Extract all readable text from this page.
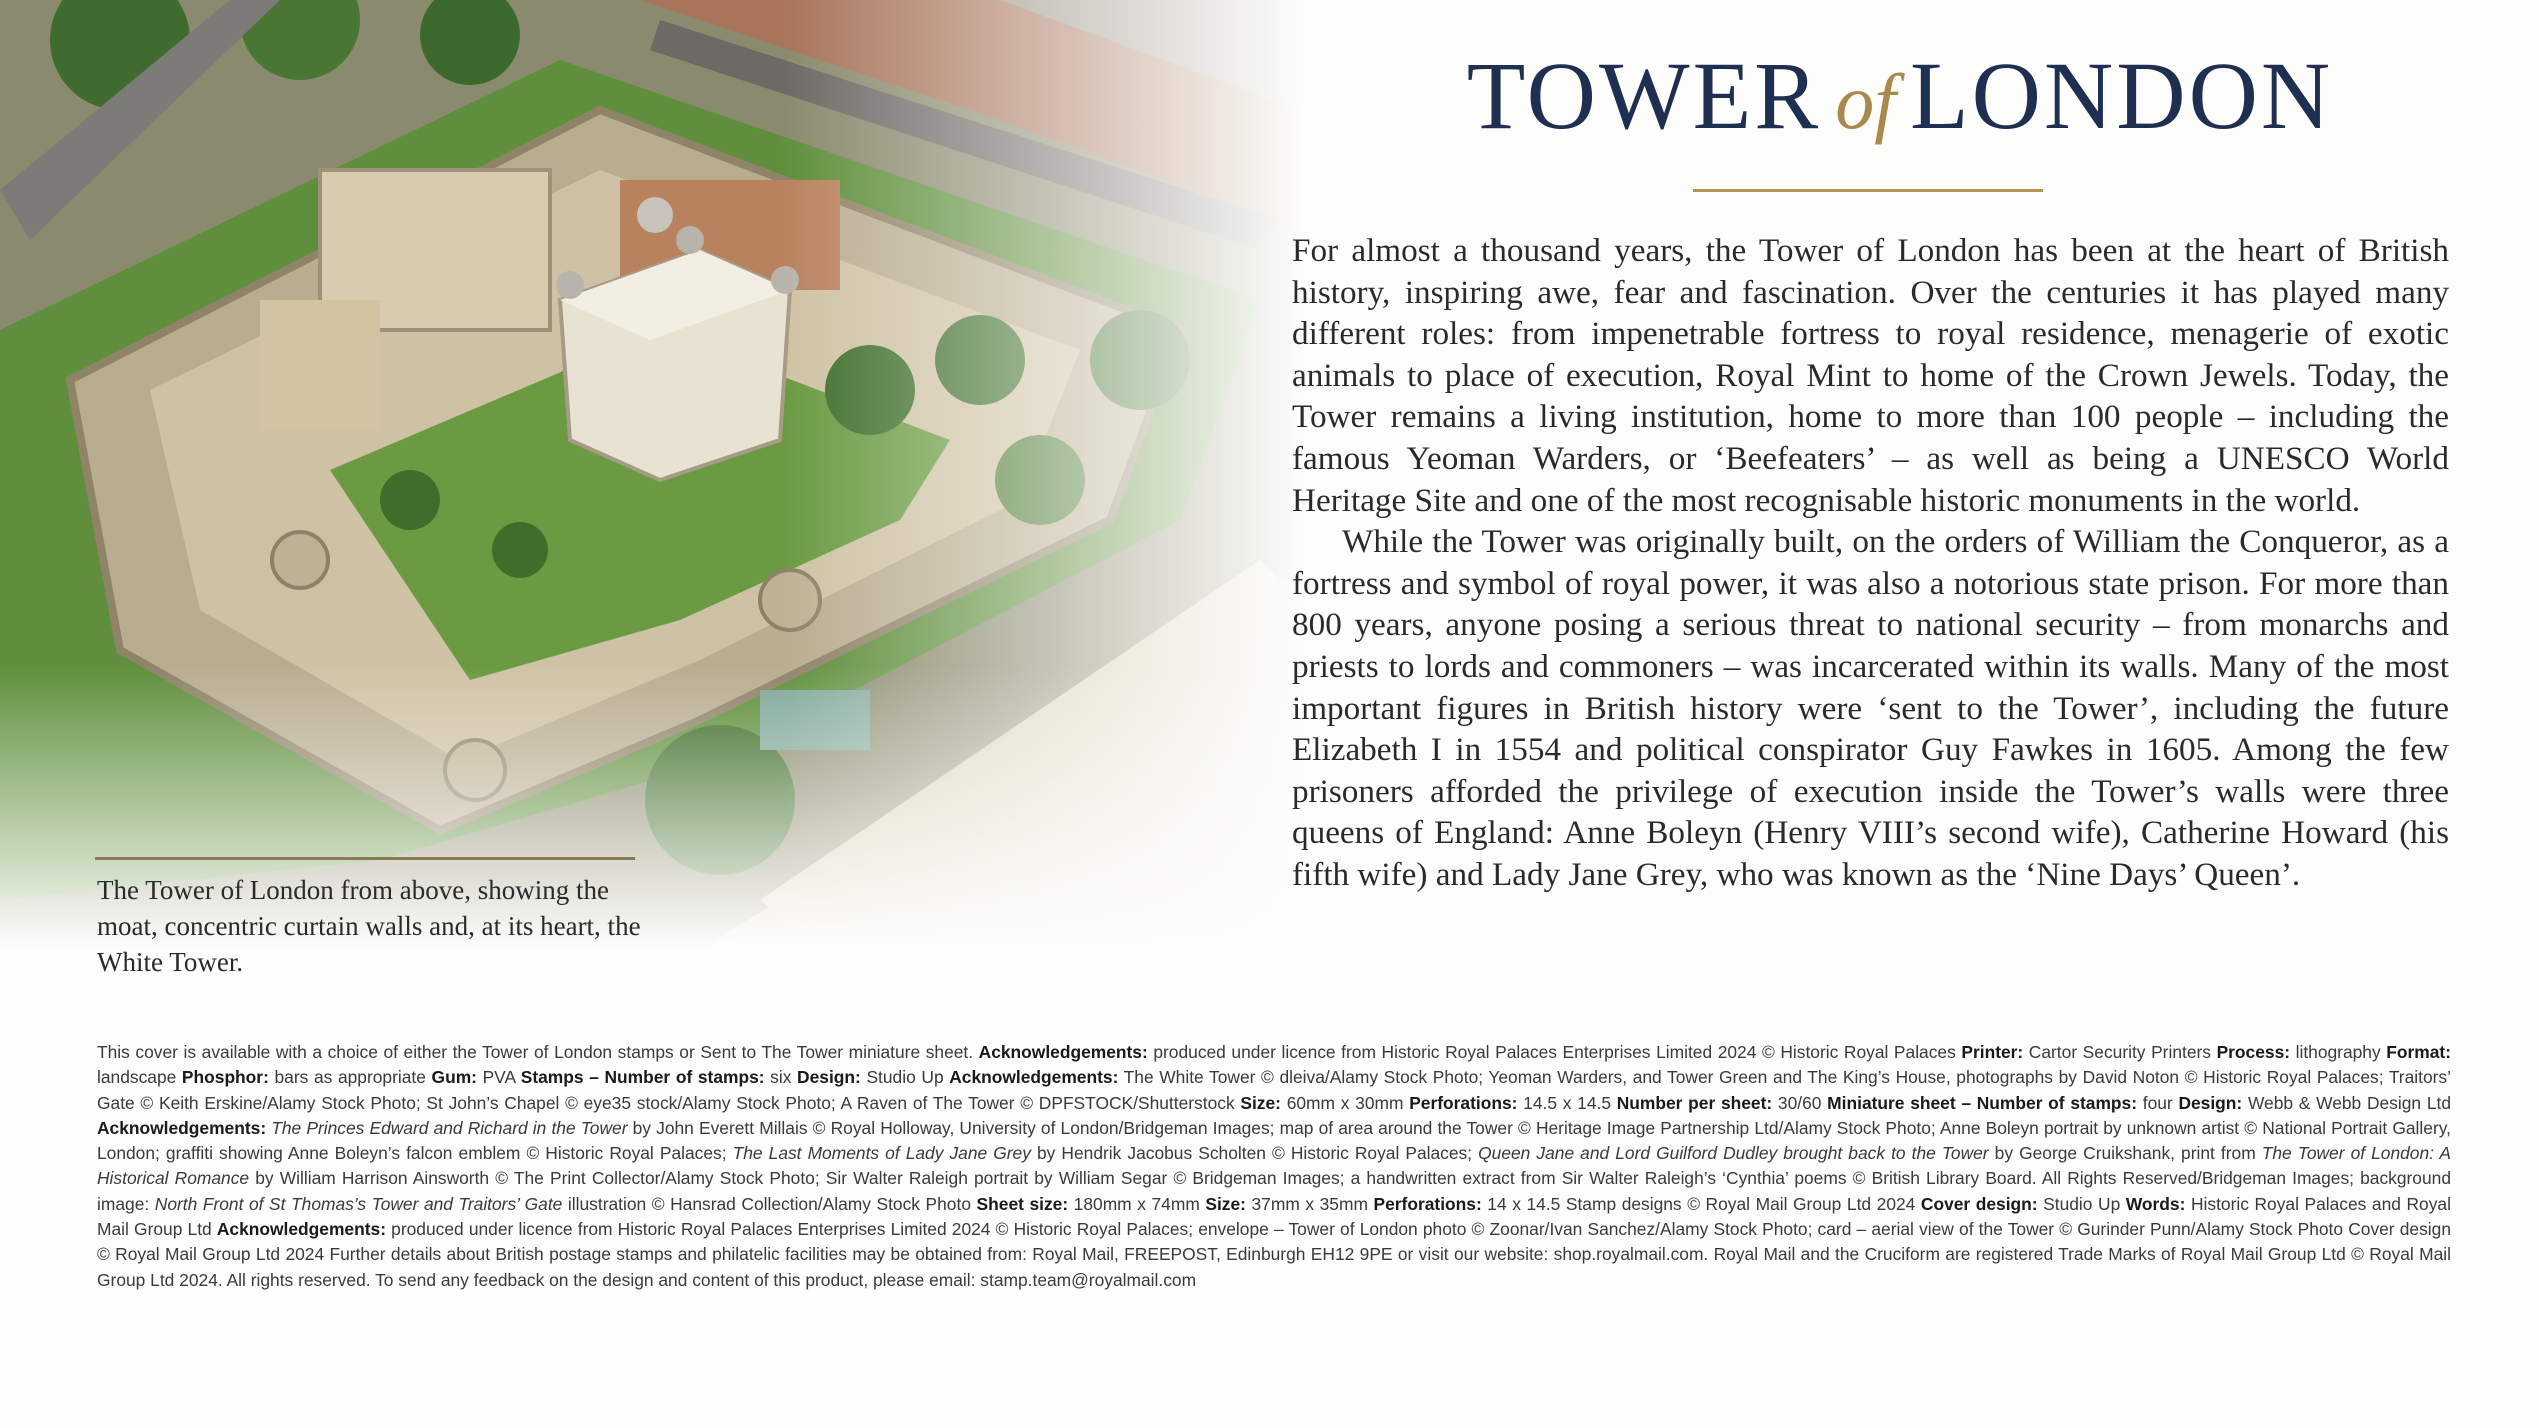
TOWER of LONDON

For almost a thousand years, the Tower of London has been at the heart of British history, inspiring awe, fear and fascination. Over the centuries it has played many different roles: from impenetrable fortress to royal residence, menagerie of exotic animals to place of execution, Royal Mint to home of the Crown Jewels. Today, the Tower remains a living institution, home to more than 100 people – including the famous Yeoman Warders, or ‘Beefeaters’ – as well as being a UNESCO World Heritage Site and one of the most recognisable historic monuments in the world.

While the Tower was originally built, on the orders of William the Conqueror, as a fortress and symbol of royal power, it was also a notorious state prison. For more than 800 years, anyone posing a serious threat to national security – from monarchs and priests to lords and commoners – was incarcerated within its walls. Many of the most important figures in British history were ‘sent to the Tower’, including the future Elizabeth I in 1554 and political conspirator Guy Fawkes in 1605. Among the few prisoners afforded the privilege of execution inside the Tower’s walls were three queens of England: Anne Boleyn (Henry VIII’s second wife), Catherine Howard (his fifth wife) and Lady Jane Grey, who was known as the ‘Nine Days’ Queen’.

The Tower of London from above, showing the moat, concentric curtain walls and, at its heart, the White Tower.
This cover is available with a choice of either the Tower of London stamps or Sent to The Tower miniature sheet. Acknowledgements: produced under licence from Historic Royal Palaces Enterprises Limited 2024 © Historic Royal Palaces Printer: Cartor Security Printers Process: lithography Format: landscape Phosphor: bars as appropriate Gum: PVA Stamps – Number of stamps: six Design: Studio Up Acknowledgements: The White Tower © dleiva/Alamy Stock Photo; Yeoman Warders, and Tower Green and The King’s House, photographs by David Noton © Historic Royal Palaces; Traitors’ Gate © Keith Erskine/Alamy Stock Photo; St John’s Chapel © eye35 stock/Alamy Stock Photo; A Raven of The Tower © DPFSTOCK/Shutterstock Size: 60mm x 30mm Perforations: 14.5 x 14.5 Number per sheet: 30/60 Miniature sheet – Number of stamps: four Design: Webb & Webb Design Ltd Acknowledgements: The Princes Edward and Richard in the Tower by John Everett Millais © Royal Holloway, University of London/Bridgeman Images; map of area around the Tower © Heritage Image Partnership Ltd/Alamy Stock Photo; Anne Boleyn portrait by unknown artist © National Portrait Gallery, London; graffiti showing Anne Boleyn’s falcon emblem © Historic Royal Palaces; The Last Moments of Lady Jane Grey by Hendrik Jacobus Scholten © Historic Royal Palaces; Queen Jane and Lord Guilford Dudley brought back to the Tower by George Cruikshank, print from The Tower of London: A Historical Romance by William Harrison Ainsworth © The Print Collector/Alamy Stock Photo; Sir Walter Raleigh portrait by William Segar © Bridgeman Images; a handwritten extract from Sir Walter Raleigh’s ‘Cynthia’ poems © British Library Board. All Rights Reserved/Bridgeman Images; background image: North Front of St Thomas’s Tower and Traitors’ Gate illustration © Hansrad Collection/Alamy Stock Photo Sheet size: 180mm x 74mm Size: 37mm x 35mm Perforations: 14 x 14.5 Stamp designs © Royal Mail Group Ltd 2024 Cover design: Studio Up Words: Historic Royal Palaces and Royal Mail Group Ltd Acknowledgements: produced under licence from Historic Royal Palaces Enterprises Limited 2024 © Historic Royal Palaces; envelope – Tower of London photo © Zoonar/Ivan Sanchez/Alamy Stock Photo; card – aerial view of the Tower © Gurinder Punn/Alamy Stock Photo Cover design © Royal Mail Group Ltd 2024 Further details about British postage stamps and philatelic facilities may be obtained from: Royal Mail, FREEPOST, Edinburgh EH12 9PE or visit our website: shop.royalmail.com. Royal Mail and the Cruciform are registered Trade Marks of Royal Mail Group Ltd © Royal Mail Group Ltd 2024. All rights reserved. To send any feedback on the design and content of this product, please email: stamp.team@royalmail.com
